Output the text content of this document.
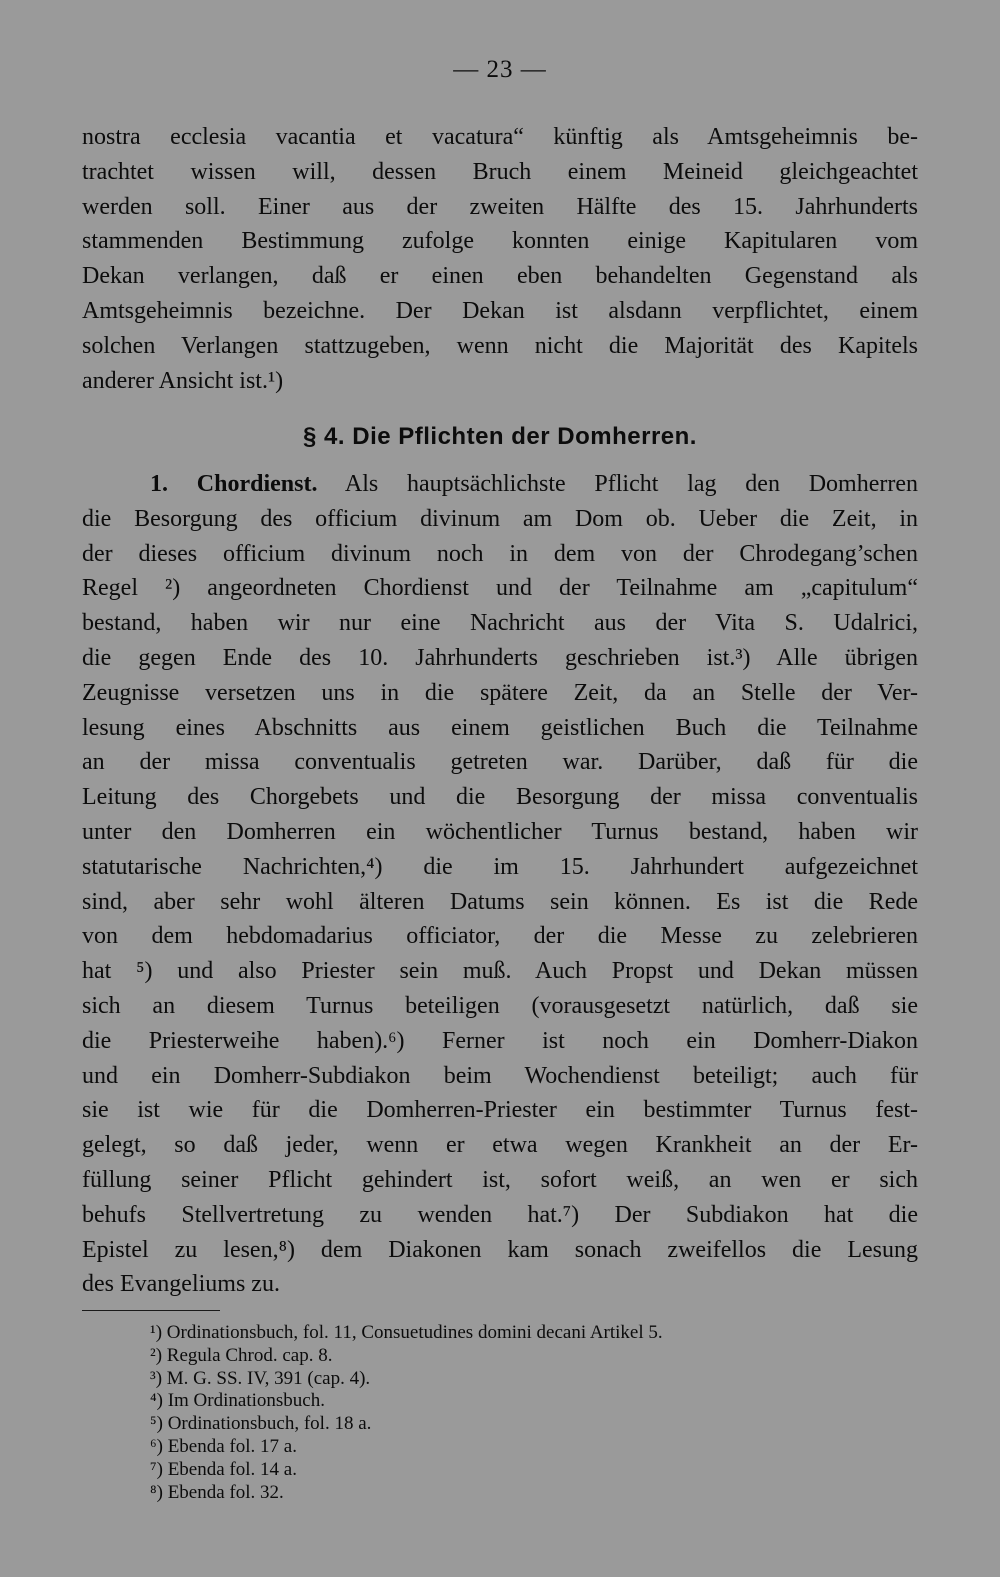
— 23 —
nostra ecclesia vacantia et vacatura“ künftig als Amtsgeheimnis be-
trachtet wissen will, dessen Bruch einem Meineid gleichgeachtet
werden soll. Einer aus der zweiten Hälfte des 15. Jahrhunderts
stammenden Bestimmung zufolge konnten einige Kapitularen vom
Dekan verlangen, daß er einen eben behandelten Gegenstand als
Amtsgeheimnis bezeichne. Der Dekan ist alsdann verpflichtet, einem
solchen Verlangen stattzugeben, wenn nicht die Majorität des Kapitels
anderer Ansicht ist.¹)
§ 4. Die Pflichten der Domherren.
1. Chordienst. Als hauptsächlichste Pflicht lag den Domherren
die Besorgung des officium divinum am Dom ob. Ueber die Zeit, in
der dieses officium divinum noch in dem von der Chrodegang’schen
Regel ²) angeordneten Chordienst und der Teilnahme am „capitulum“
bestand, haben wir nur eine Nachricht aus der Vita S. Udalrici,
die gegen Ende des 10. Jahrhunderts geschrieben ist.³) Alle übrigen
Zeugnisse versetzen uns in die spätere Zeit, da an Stelle der Ver-
lesung eines Abschnitts aus einem geistlichen Buch die Teilnahme
an der missa conventualis getreten war. Darüber, daß für die
Leitung des Chorgebets und die Besorgung der missa conventualis
unter den Domherren ein wöchentlicher Turnus bestand, haben wir
statutarische Nachrichten,⁴) die im 15. Jahrhundert aufgezeichnet
sind, aber sehr wohl älteren Datums sein können. Es ist die Rede
von dem hebdomadarius officiator, der die Messe zu zelebrieren
hat ⁵) und also Priester sein muß. Auch Propst und Dekan müssen
sich an diesem Turnus beteiligen (vorausgesetzt natürlich, daß sie
die Priesterweihe haben).⁶) Ferner ist noch ein Domherr-Diakon
und ein Domherr-Subdiakon beim Wochendienst beteiligt; auch für
sie ist wie für die Domherren-Priester ein bestimmter Turnus fest-
gelegt, so daß jeder, wenn er etwa wegen Krankheit an der Er-
füllung seiner Pflicht gehindert ist, sofort weiß, an wen er sich
behufs Stellvertretung zu wenden hat.⁷) Der Subdiakon hat die
Epistel zu lesen,⁸) dem Diakonen kam sonach zweifellos die Lesung
des Evangeliums zu.
¹) Ordinationsbuch, fol. 11, Consuetudines domini decani Artikel 5.
²) Regula Chrod. cap. 8.
³) M. G. SS. IV, 391 (cap. 4).
⁴) Im Ordinationsbuch.
⁵) Ordinationsbuch, fol. 18 a.
⁶) Ebenda fol. 17 a.
⁷) Ebenda fol. 14 a.
⁸) Ebenda fol. 32.
